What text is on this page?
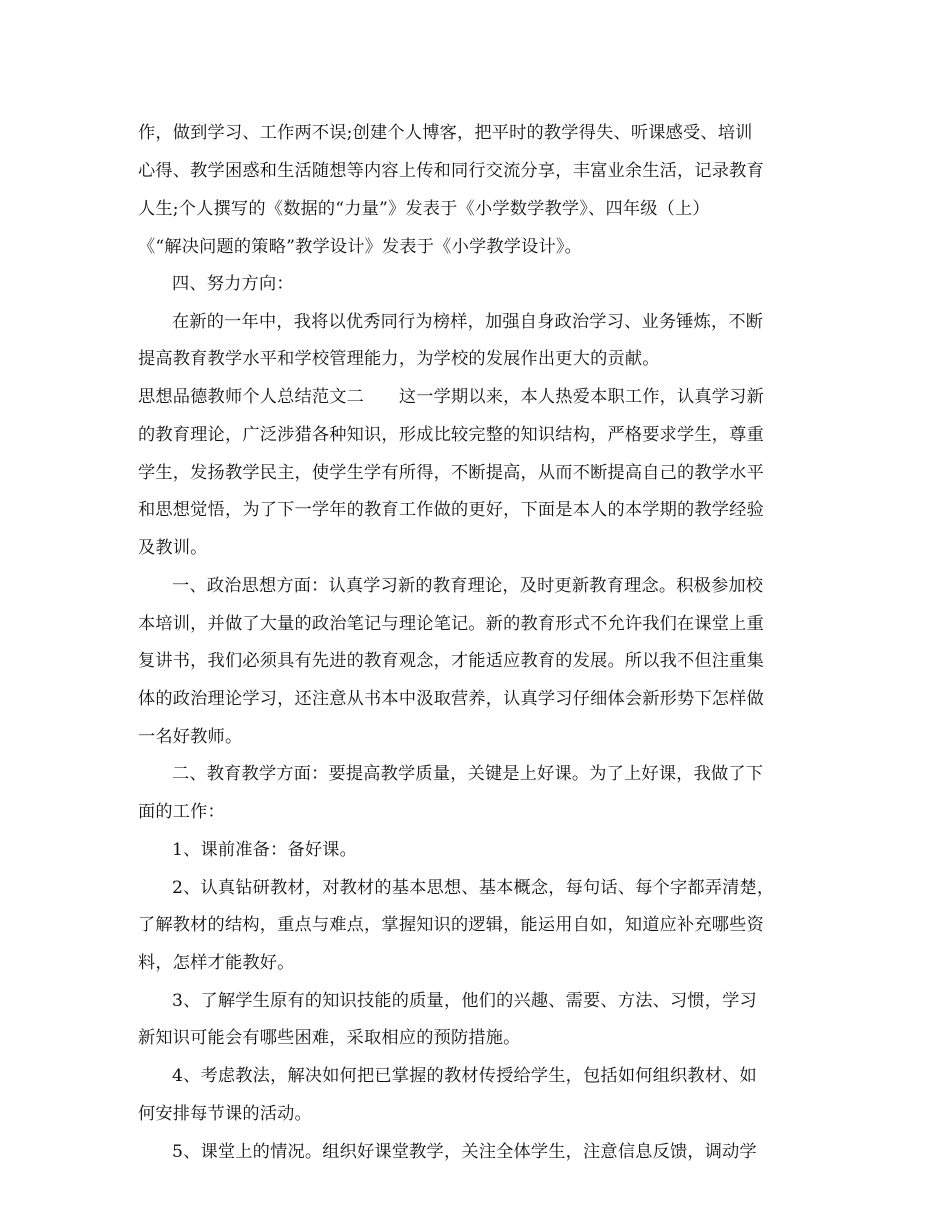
作，做到学习、工作两不误;创建个人博客，把平时的教学得失、听课感受、培训
心得、教学困惑和生活随想等内容上传和同行交流分享，丰富业余生活，记录教育
人生;个人撰写的《数据的“力量”》发表于《小学数学教学》、四年级（上）
《“解决问题的策略”教学设计》发表于《小学教学设计》。
四、努力方向：
在新的一年中，我将以优秀同行为榜样，加强自身政治学习、业务锤炼，不断
提高教育教学水平和学校管理能力，为学校的发展作出更大的贡献。
思想品德教师个人总结范文二　　这一学期以来，本人热爱本职工作，认真学习新
的教育理论，广泛涉猎各种知识，形成比较完整的知识结构，严格要求学生，尊重
学生，发扬教学民主，使学生学有所得，不断提高，从而不断提高自己的教学水平
和思想觉悟，为了下一学年的教育工作做的更好，下面是本人的本学期的教学经验
及教训。
一、政治思想方面：认真学习新的教育理论，及时更新教育理念。积极参加校
本培训，并做了大量的政治笔记与理论笔记。新的教育形式不允许我们在课堂上重
复讲书，我们必须具有先进的教育观念，才能适应教育的发展。所以我不但注重集
体的政治理论学习，还注意从书本中汲取营养，认真学习仔细体会新形势下怎样做
一名好教师。
二、教育教学方面：要提高教学质量，关键是上好课。为了上好课，我做了下
面的工作：
1、课前准备：备好课。
2、认真钻研教材，对教材的基本思想、基本概念，每句话、每个字都弄清楚，
了解教材的结构，重点与难点，掌握知识的逻辑，能运用自如，知道应补充哪些资
料，怎样才能教好。
3、了解学生原有的知识技能的质量，他们的兴趣、需要、方法、习惯，学习
新知识可能会有哪些困难，采取相应的预防措施。
4、考虑教法，解决如何把已掌握的教材传授给学生，包括如何组织教材、如
何安排每节课的活动。
5、课堂上的情况。组织好课堂教学，关注全体学生，注意信息反馈，调动学
